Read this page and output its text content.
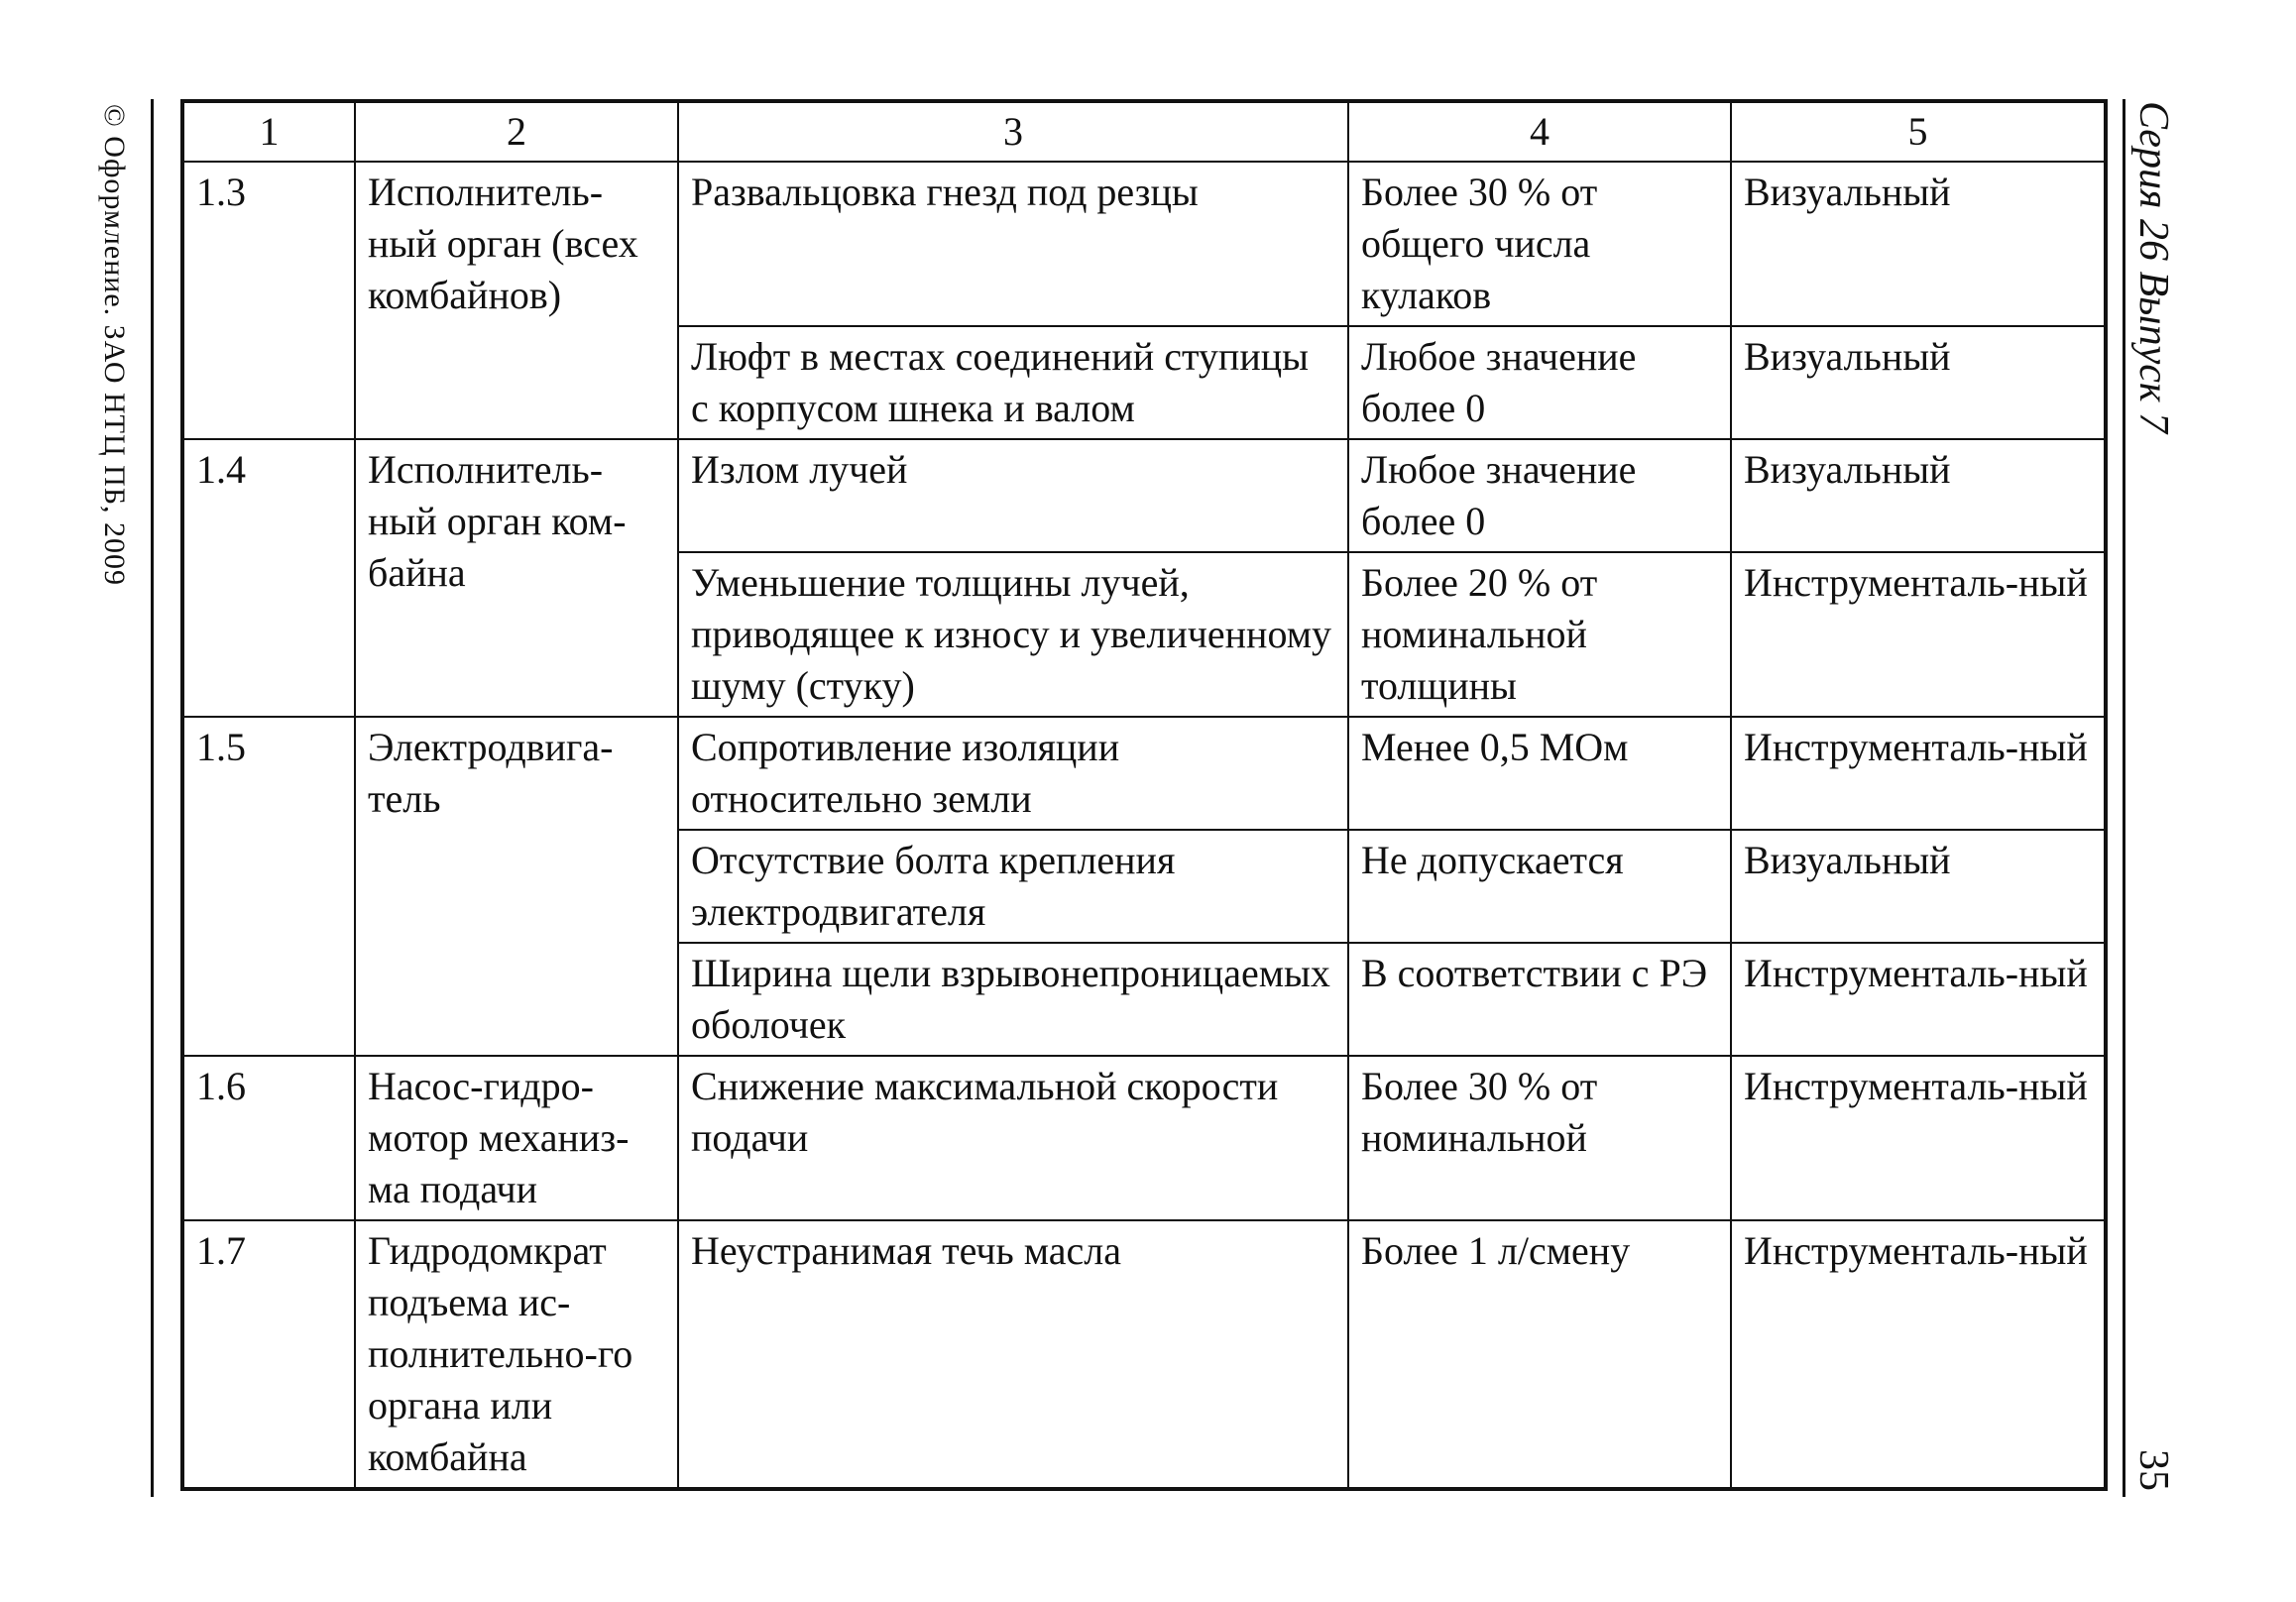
© Оформление. ЗАО НТЦ ПБ, 2009	Серия 26 Выпуск 7
35
1	2	3	4	5
1.3	Исполнитель-ный орган (всех комбайнов)	Развальцовка гнезд под резцы	Более 30 % от общего числа кулаков	Визуальный
		Люфт в местах соединений ступицы с корпусом шнека и валом	Любое значение более 0	Визуальный
1.4	Исполнитель-ный орган ком-байна	Излом лучей	Любое значение более 0	Визуальный
		Уменьшение толщины лучей, приводящее к износу и увеличенному шуму (стуку)	Более 20 % от номинальной толщины	Инструменталь-ный
1.5	Электродвига-тель	Сопротивление изоляции относительно земли	Менее 0,5 МОм	Инструменталь-ный
		Отсутствие болта крепления электродвигателя	Не допускается	Визуальный
		Ширина щели взрывонепроницаемых оболочек	В соответствии с РЭ	Инструменталь-ный
1.6	Насос-гидро-мотор механиз-ма подачи	Снижение максимальной скорости подачи	Более 30 % от номинальной	Инструменталь-ный
1.7	Гидродомкрат подъема ис-полнительно-го органа или комбайна	Неустранимая течь масла	Более 1 л/смену	Инструменталь-ный
